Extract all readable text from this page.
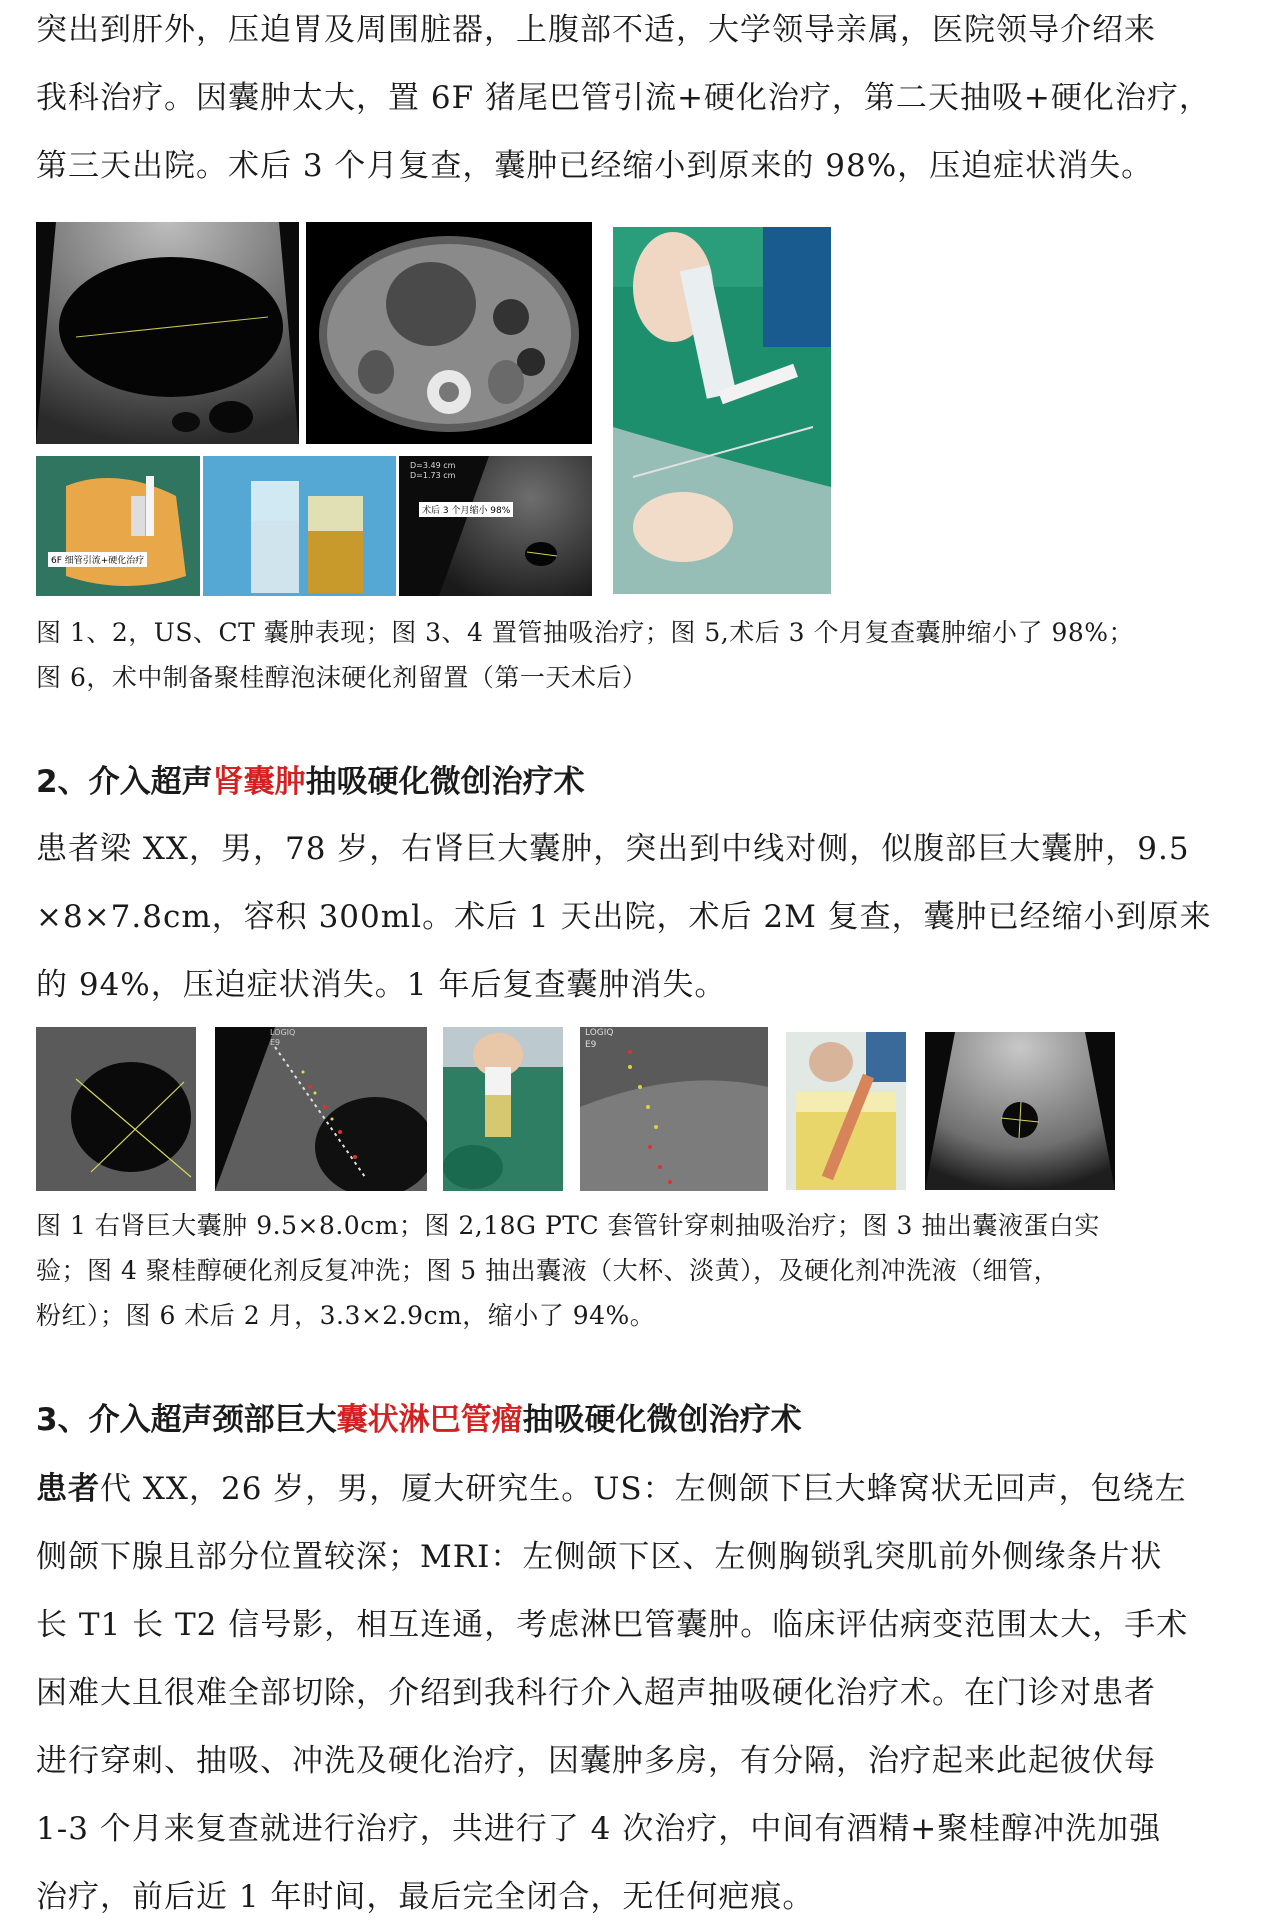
突出到肝外，压迫胃及周围脏器，上腹部不适，大学领导亲属，医院领导介绍来
我科治疗。因囊肿太大，置 6F 猪尾巴管引流+硬化治疗，第二天抽吸+硬化治疗，
第三天出院。术后 3 个月复查，囊肿已经缩小到原来的 98%，压迫症状消失。

6F 细管引流+硬化治疗
D=3.49 cm
D=1.73 cm
术后 3 个月缩小 98%

图 1、2，US、CT 囊肿表现；图 3、4 置管抽吸治疗；图 5,术后 3 个月复查囊肿缩小了 98%；
图 6，术中制备聚桂醇泡沫硬化剂留置（第一天术后）

2、介入超声肾囊肿抽吸硬化微创治疗术

患者梁 XX，男，78 岁，右肾巨大囊肿，突出到中线对侧，似腹部巨大囊肿，9.5
×8×7.8cm，容积 300ml。术后 1 天出院，术后 2M 复查，囊肿已经缩小到原来
的 94%，压迫症状消失。1 年后复查囊肿消失。

LOGIQ
E9
LOGIQ
E9

图 1 右肾巨大囊肿 9.5×8.0cm；图 2,18G PTC 套管针穿刺抽吸治疗；图 3 抽出囊液蛋白实
验；图 4 聚桂醇硬化剂反复冲洗；图 5 抽出囊液（大杯、淡黄），及硬化剂冲洗液（细管，
粉红）；图 6 术后 2 月，3.3×2.9cm，缩小了 94%。

3、介入超声颈部巨大囊状淋巴管瘤抽吸硬化微创治疗术

患者代 XX，26 岁，男，厦大研究生。US：左侧颌下巨大蜂窝状无回声，包绕左
侧颌下腺且部分位置较深；MRI：左侧颌下区、左侧胸锁乳突肌前外侧缘条片状
长 T1 长 T2 信号影，相互连通，考虑淋巴管囊肿。临床评估病变范围太大，手术
困难大且很难全部切除，介绍到我科行介入超声抽吸硬化治疗术。在门诊对患者
进行穿刺、抽吸、冲洗及硬化治疗，因囊肿多房，有分隔，治疗起来此起彼伏每
1-3 个月来复查就进行治疗，共进行了 4 次治疗，中间有酒精+聚桂醇冲洗加强
治疗，前后近 1 年时间，最后完全闭合，无任何疤痕。
